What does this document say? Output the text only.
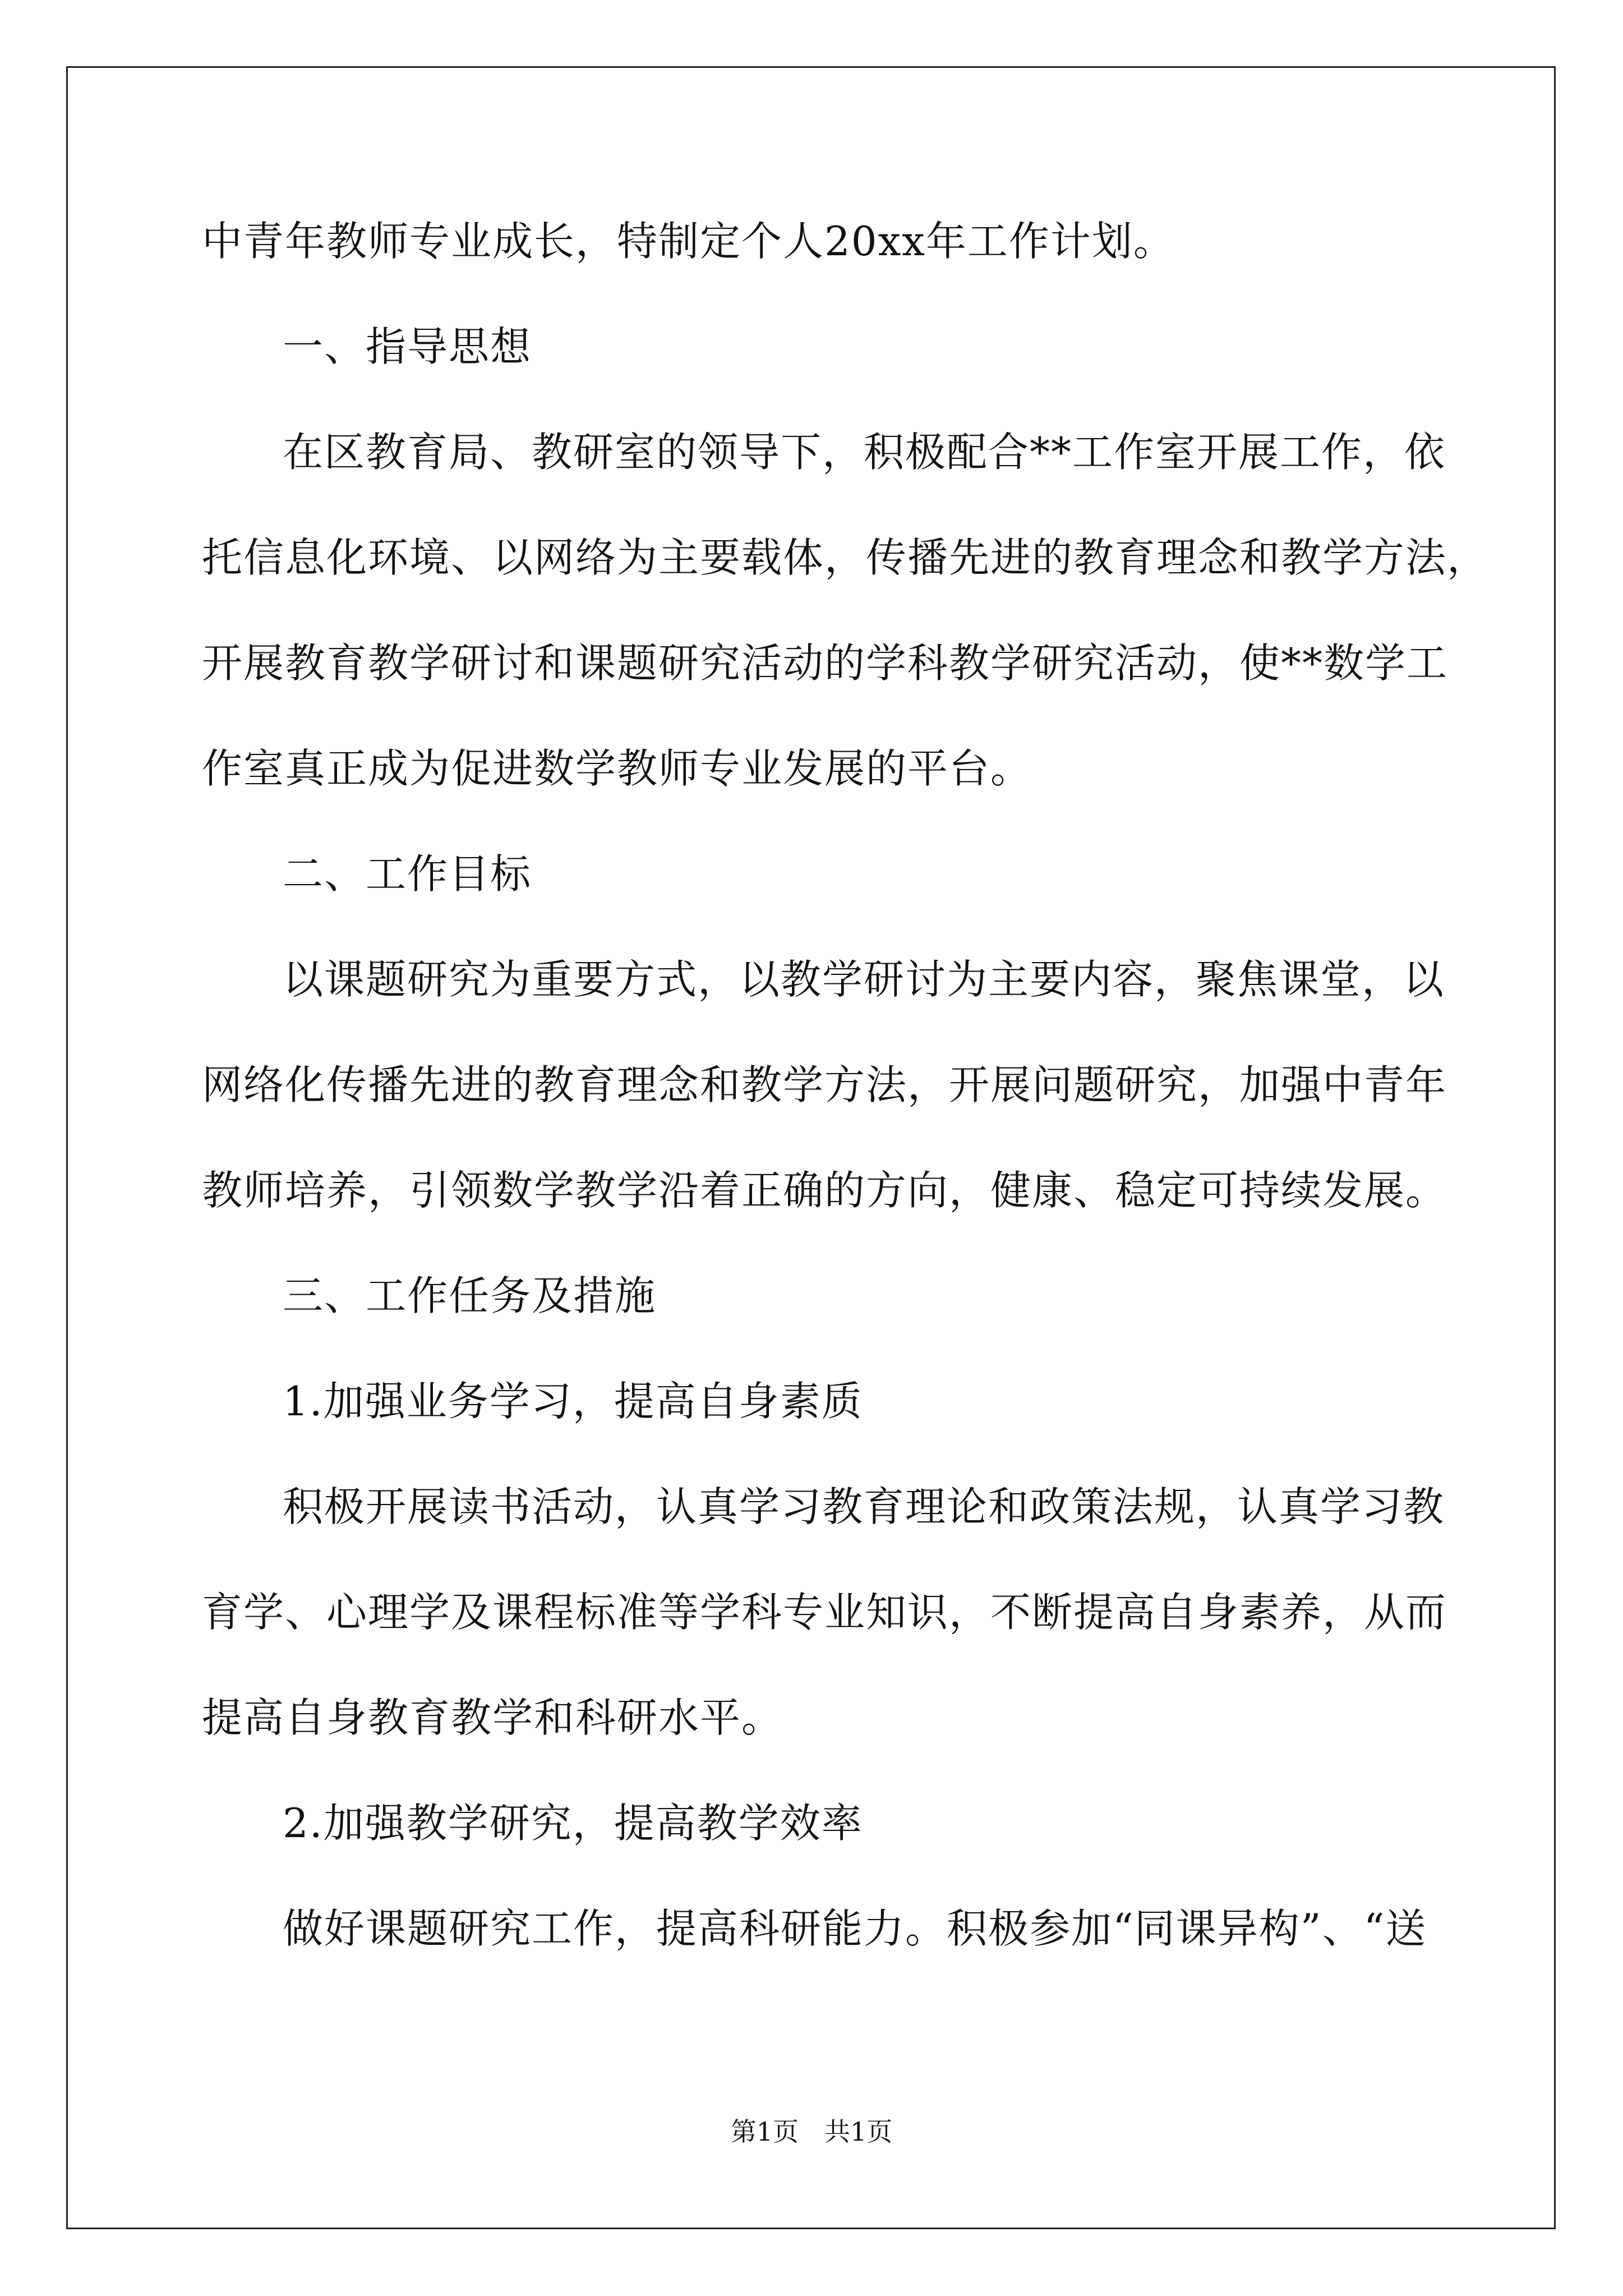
中青年教师专业成长，特制定个人20xx年工作计划。
一、指导思想
在区教育局、教研室的领导下，积极配合**工作室开展工作，依
托信息化环境、以网络为主要载体，传播先进的教育理念和教学方法，
开展教育教学研讨和课题研究活动的学科教学研究活动，使**数学工
作室真正成为促进数学教师专业发展的平台。
二、工作目标
以课题研究为重要方式，以教学研讨为主要内容，聚焦课堂，以
网络化传播先进的教育理念和教学方法，开展问题研究，加强中青年
教师培养，引领数学教学沿着正确的方向，健康、稳定可持续发展。
三、工作任务及措施
1.加强业务学习，提高自身素质
积极开展读书活动，认真学习教育理论和政策法规，认真学习教
育学、心理学及课程标准等学科专业知识，不断提高自身素养，从而
提高自身教育教学和科研水平。
2.加强教学研究，提高教学效率
做好课题研究工作，提高科研能力。积极参加“同课异构”、“送
第1页　共1页
